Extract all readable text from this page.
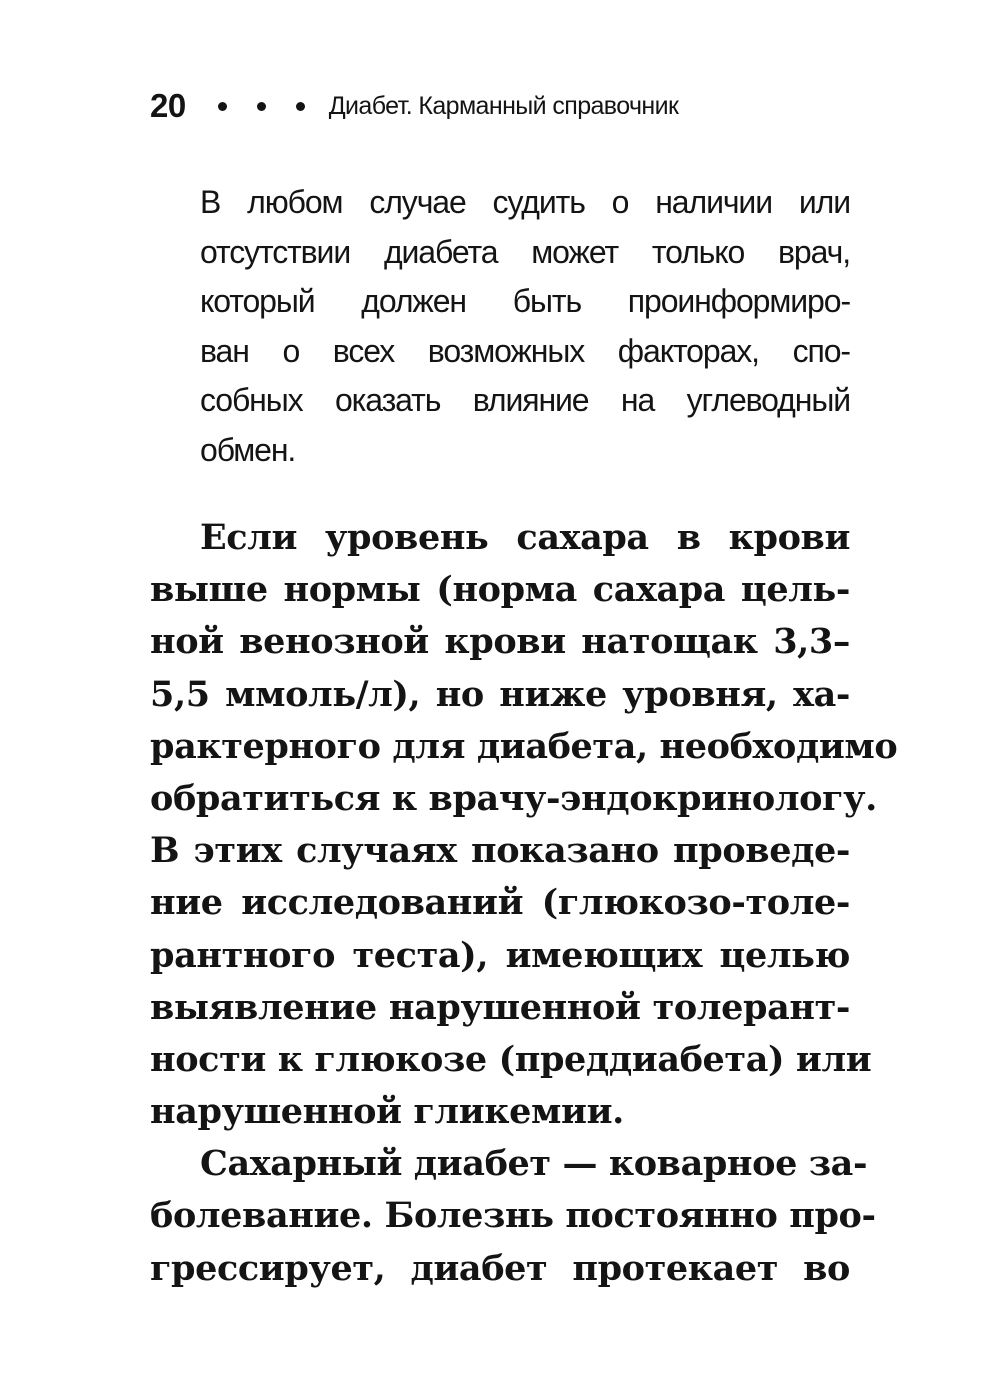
20	Диабет. Карманный справочник
В любом случае судить о наличии или
отсутствии диабета может только врач,
который должен быть проинформиро-
ван о всех возможных факторах, спо-
собных оказать влияние на углеводный
обмен.
Если уровень сахара в крови
выше нормы (норма сахара цель-
ной венозной крови натощак 3,3–
5,5 ммоль/л), но ниже уровня, ха-
рактерного для диабета, необходимо
обратиться к врачу-эндокринологу.
В этих случаях показано проведе-
ние исследований (глюкозо-толе-
рантного теста), имеющих целью
выявление нарушенной толерант-
ности к глюкозе (преддиабета) или
нарушенной гликемии.
Сахарный диабет — коварное за-
болевание. Болезнь постоянно про-
грессирует, диабет протекает во
